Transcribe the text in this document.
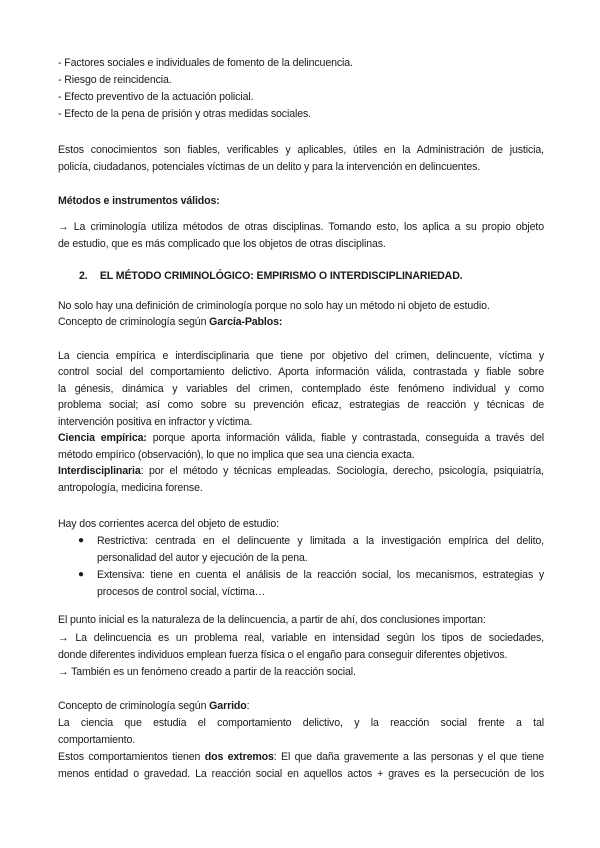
- Factores sociales e individuales de fomento de la delincuencia.
- Riesgo de reincidencia.
- Efecto preventivo de la actuación policial.
- Efecto de la pena de prisión y otras medidas sociales.
Estos conocimientos son fiables, verificables y aplicables, útiles en la Administración de justicia,
policía, ciudadanos, potenciales víctimas de un delito y para la intervención en delincuentes.
Métodos e instrumentos válidos:
→ La criminología utiliza métodos de otras disciplinas. Tomando esto, los aplica a su propio objeto
de estudio, que es más complicado que los objetos de otras disciplinas.
2. EL MÉTODO CRIMINOLÓGICO: EMPIRISMO O INTERDISCIPLINARIEDAD.
No solo hay una definición de criminología porque no solo hay un método ni objeto de estudio.
Concepto de criminología según García-Pablos:
La ciencia empírica e interdisciplinaria que tiene por objetivo del crimen, delincuente, víctima y
control social del comportamiento delictivo. Aporta información válida, contrastada y fiable sobre
la génesis, dinámica y variables del crimen, contemplado éste fenómeno individual y como
problema social; así como sobre su prevención eficaz, estrategias de reacción y técnicas de
intervención positiva en infractor y víctima.
Ciencia empírica: porque aporta información válida, fiable y contrastada, conseguida a través del
método empírico (observación), lo que no implica que sea una ciencia exacta.
Interdisciplinaria: por el método y técnicas empleadas. Sociología, derecho, psicología, psiquiatría,
antropología, medicina forense.
Hay dos corrientes acerca del objeto de estudio:
● Restrictiva: centrada en el delincuente y limitada a la investigación empírica del delito,
personalidad del autor y ejecución de la pena.
● Extensiva: tiene en cuenta el análisis de la reacción social, los mecanismos, estrategias y
procesos de control social, víctima…
El punto inicial es la naturaleza de la delincuencia, a partir de ahí, dos conclusiones importan:
→ La delincuencia es un problema real, variable en intensidad según los tipos de sociedades,
donde diferentes individuos emplean fuerza física o el engaño para conseguir diferentes objetivos.
→ También es un fenómeno creado a partir de la reacción social.
Concepto de criminología según Garrido:
La ciencia que estudia el comportamiento delictivo, y la reacción social frente a tal
comportamiento.
Estos comportamientos tienen dos extremos: El que daña gravemente a las personas y el que tiene
menos entidad o gravedad. La reacción social en aquellos actos + graves es la persecución de los
